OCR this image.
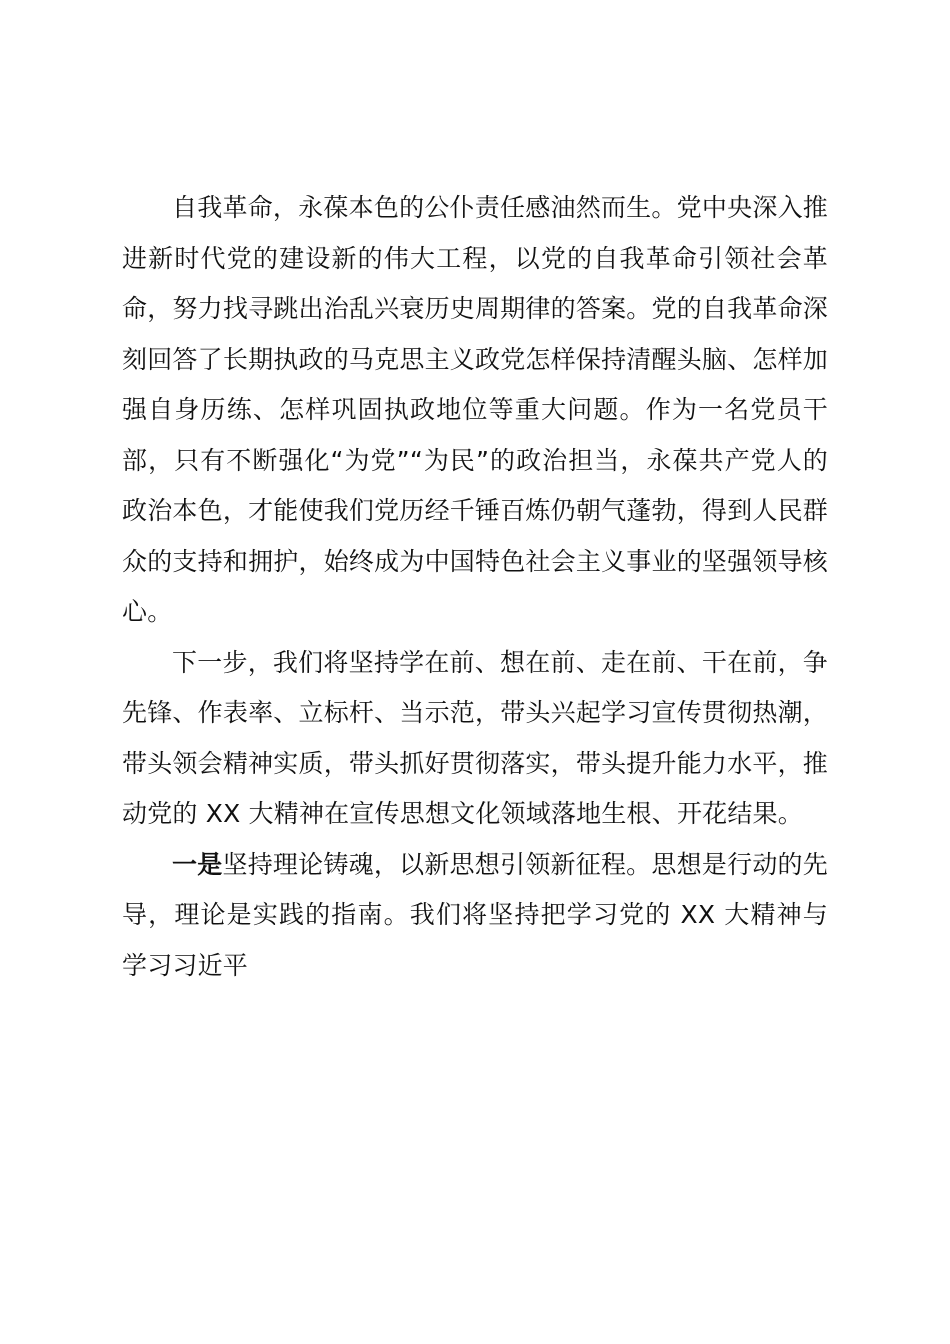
自我革命，永葆本色的公仆责任感油然而生。党中央深入推进新时代党的建设新的伟大工程，以党的自我革命引领社会革命，努力找寻跳出治乱兴衰历史周期律的答案。党的自我革命深刻回答了长期执政的马克思主义政党怎样保持清醒头脑、怎样加强自身历练、怎样巩固执政地位等重大问题。作为一名党员干部，只有不断强化“为党”“为民”的政治担当，永葆共产党人的政治本色，才能使我们党历经千锤百炼仍朝气蓬勃，得到人民群众的支持和拥护，始终成为中国特色社会主义事业的坚强领导核心。

下一步，我们将坚持学在前、想在前、走在前、干在前，争先锋、作表率、立标杆、当示范，带头兴起学习宣传贯彻热潮，带头领会精神实质，带头抓好贯彻落实，带头提升能力水平，推动党的 XX 大精神在宣传思想文化领域落地生根、开花结果。

一是坚持理论铸魂，以新思想引领新征程。思想是行动的先导，理论是实践的指南。我们将坚持把学习党的 XX 大精神与学习习近平
